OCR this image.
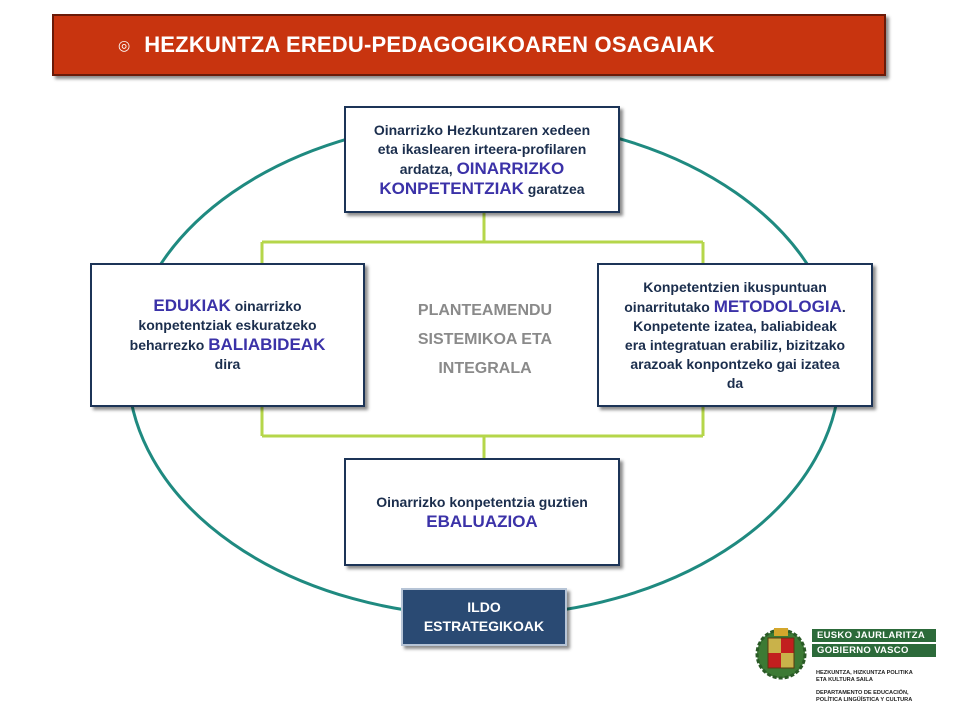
◎ HEZKUNTZA EREDU-PEDAGOGIKOAREN OSAGAIAK
Oinarrizko Hezkuntzaren xedeen
eta ikaslearen irteera-profilaren
ardatza, OINARRIZKO
KONPETENTZIAK garatzea
EDUKIAK oinarrizko
konpetentziak eskuratzeko
beharrezko BALIABIDEAK
dira
Konpetentzien ikuspuntuan
oinarritutako METODOLOGIA.
Konpetente izatea, baliabideak
era integratuan erabiliz, bizitzako
arazoak konpontzeko gai izatea
da
Oinarrizko konpetentzia guztien
EBALUAZIOA
PLANTEAMENDU
SISTEMIKOA ETA
INTEGRALA
ILDO
ESTRATEGIKOAK
EUSKO JAURLARITZA
GOBIERNO VASCO
HEZKUNTZA, HIZKUNTZA POLITIKA
ETA KULTURA SAILA
DEPARTAMENTO DE EDUCACIÓN,
POLÍTICA LINGÜÍSTICA Y CULTURA
